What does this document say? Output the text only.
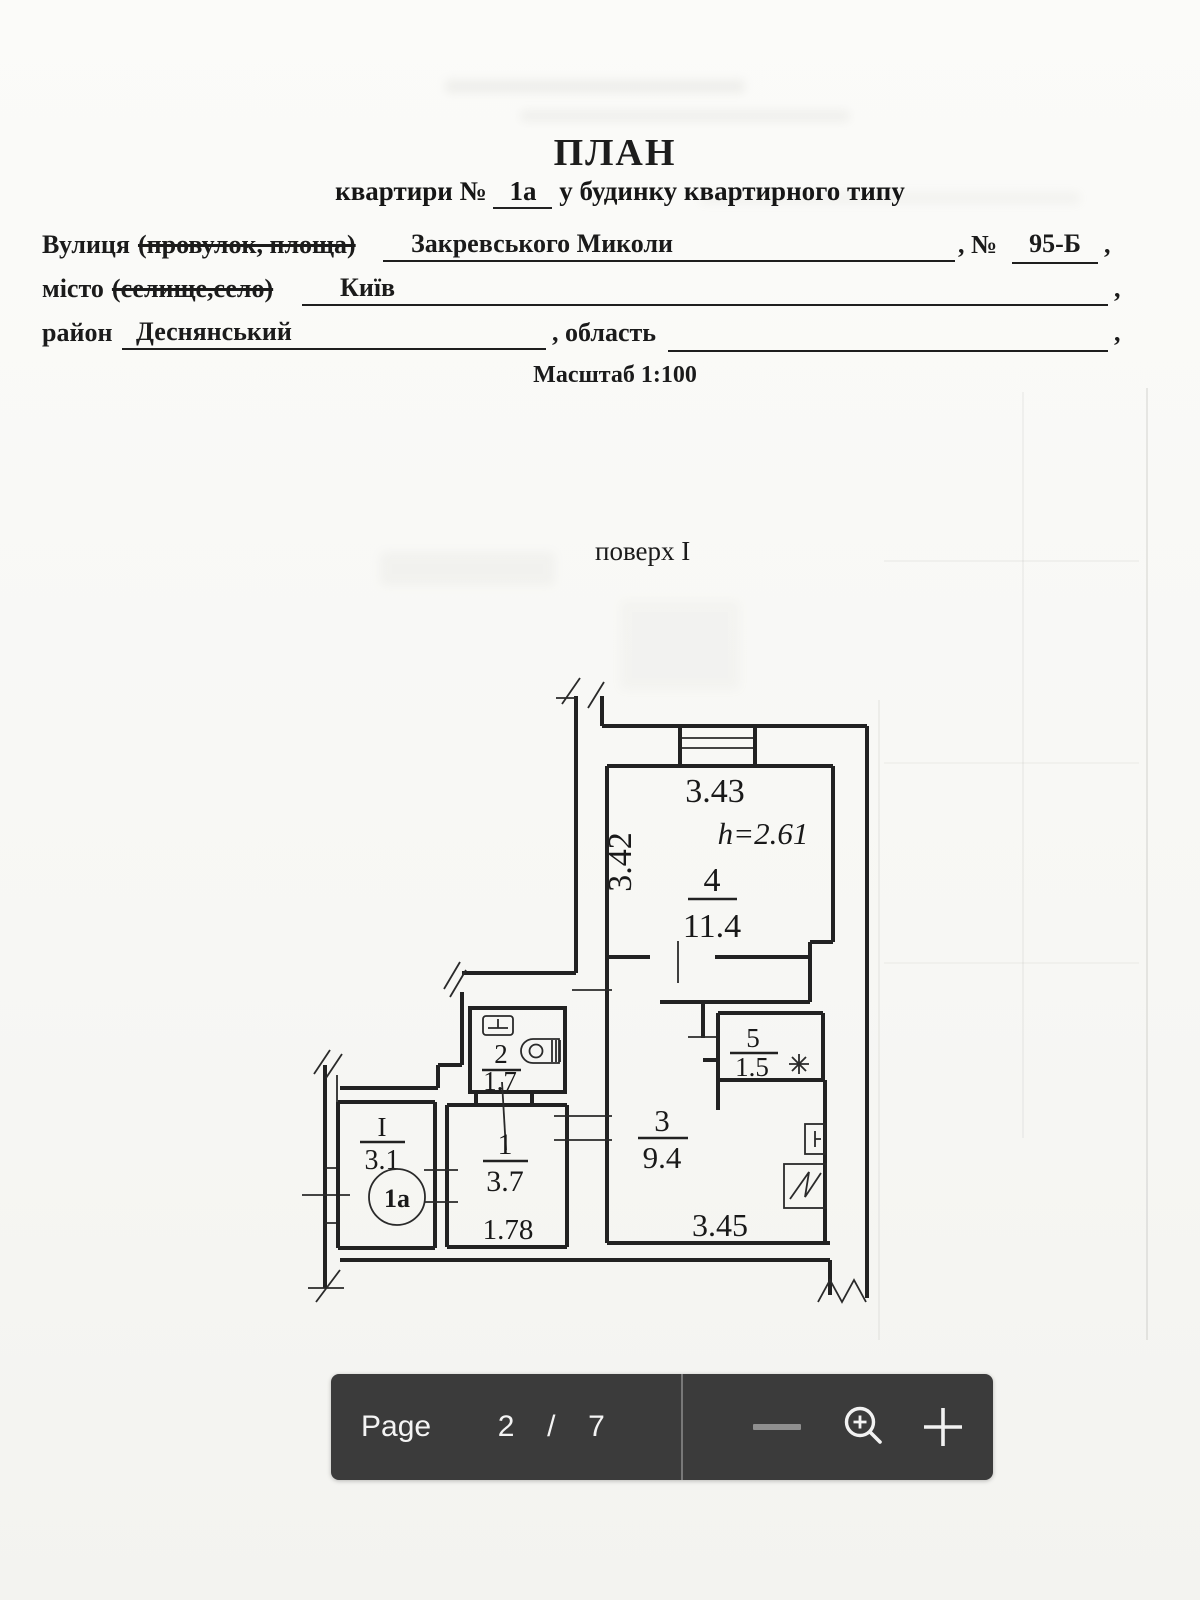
ПЛАН
квартири № 1а у будинку квартирного типу
Вулиця (провулок, площа)	Закревського Миколи	, №	95-Б ,
місто (селище,село)	Київ	,
район Деснянський	, область	,
Масштаб 1:100
поверх І
3.43
h=2.61
4
11.4
3.42
2
1.7
5
1.5
I
3.1
1а
1
3.7
1.78
3
9.4
3.45
Page 2 / 7
